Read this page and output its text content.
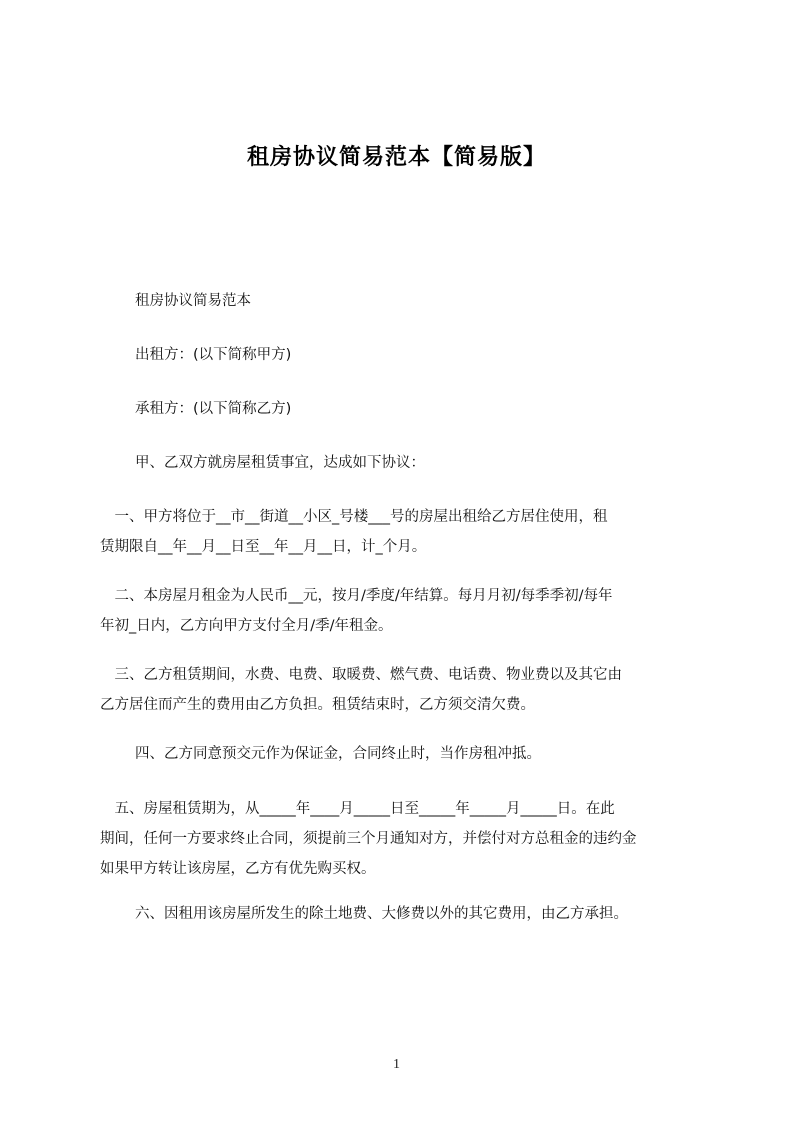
租房协议简易范本【简易版】
租房协议简易范本
出租方：(以下简称甲方)
承租方：(以下简称乙方)
甲、乙双方就房屋租赁事宜，达成如下协议：
　一、甲方将位于__市__街道__小区_号楼___号的房屋出租给乙方居住使用，租
赁期限自__年__月__日至__年__月__日，计_个月。
　二、本房屋月租金为人民币__元，按月/季度/年结算。每月月初/每季季初/每年
年初_日内，乙方向甲方支付全月/季/年租金。
　三、乙方租赁期间，水费、电费、取暖费、燃气费、电话费、物业费以及其它由
乙方居住而产生的费用由乙方负担。租赁结束时，乙方须交清欠费。
四、乙方同意预交元作为保证金，合同终止时，当作房租冲抵。
　五、房屋租赁期为，从_____年____月_____日至_____年_____月_____日。在此
期间，任何一方要求终止合同，须提前三个月通知对方，并偿付对方总租金的违约金
如果甲方转让该房屋，乙方有优先购买权。
六、因租用该房屋所发生的除土地费、大修费以外的其它费用，由乙方承担。
1
